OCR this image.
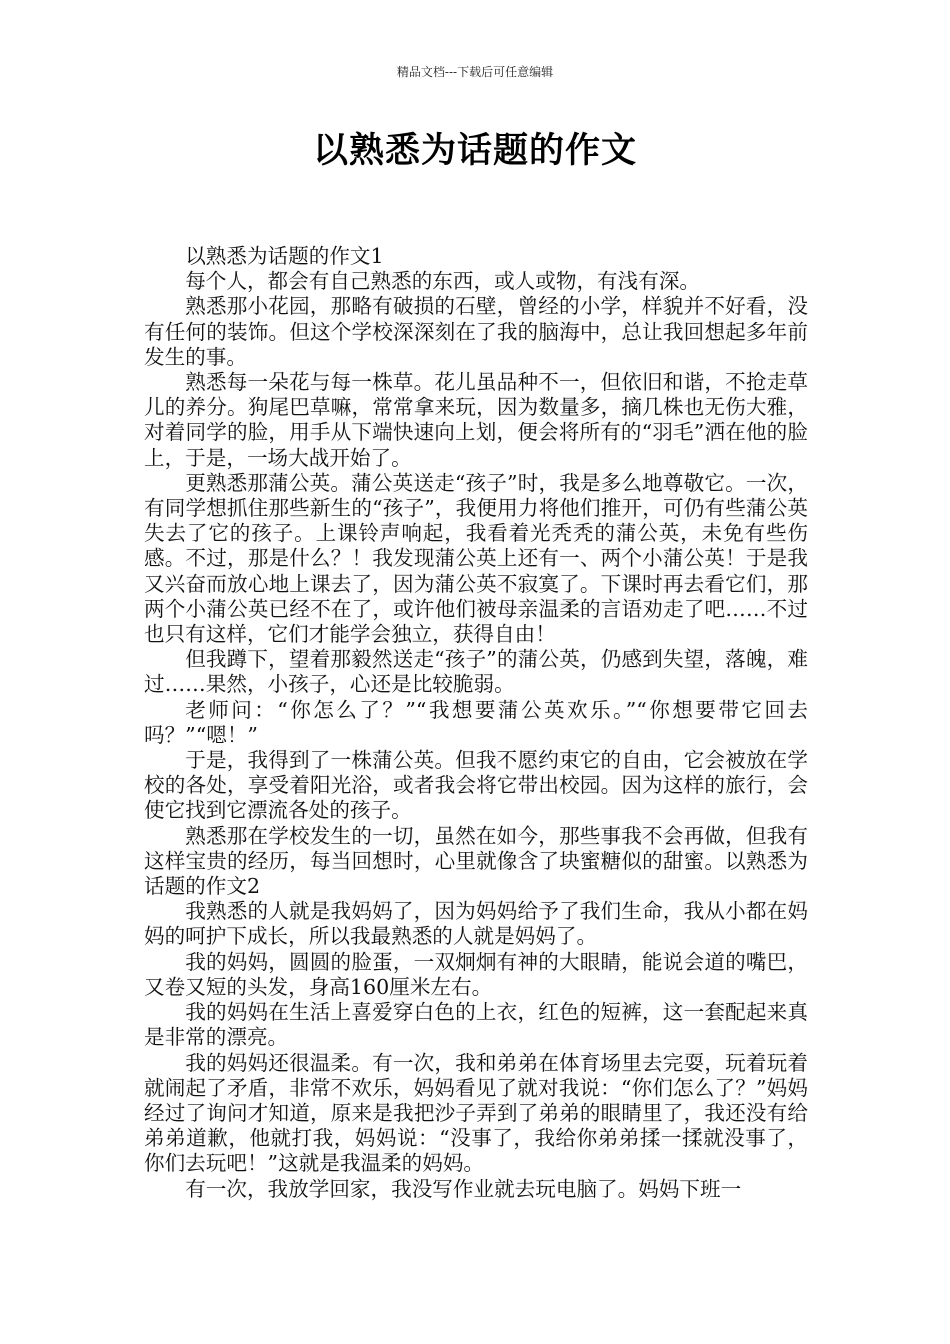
精品文档---下载后可任意编辑
以熟悉为话题的作文

以熟悉为话题的作文1

每个人，都会有自己熟悉的东西，或人或物，有浅有深。

熟悉那小花园，那略有破损的石壁，曾经的小学，样貌并不好看，没有任何的装饰。但这个学校深深刻在了我的脑海中，总让我回想起多年前发生的事。

熟悉每一朵花与每一株草。花儿虽品种不一，但依旧和谐，不抢走草儿的养分。狗尾巴草嘛，常常拿来玩，因为数量多，摘几株也无伤大雅，对着同学的脸，用手从下端快速向上划，便会将所有的“羽毛”洒在他的脸上，于是，一场大战开始了。

更熟悉那蒲公英。蒲公英送走“孩子”时，我是多么地尊敬它。一次，有同学想抓住那些新生的“孩子”，我便用力将他们推开，可仍有些蒲公英失去了它的孩子。上课铃声响起，我看着光秃秃的蒲公英，未免有些伤感。不过，那是什么？！我发现蒲公英上还有一、两个小蒲公英！于是我又兴奋而放心地上课去了，因为蒲公英不寂寞了。下课时再去看它们，那两个小蒲公英已经不在了，或许他们被母亲温柔的言语劝走了吧……不过也只有这样，它们才能学会独立，获得自由！

但我蹲下，望着那毅然送走“孩子”的蒲公英，仍感到失望，落魄，难过……果然，小孩子，心还是比较脆弱。

老师问：“你怎么了？”“我想要蒲公英欢乐。”“你想要带它回去吗？”“嗯！”

于是，我得到了一株蒲公英。但我不愿约束它的自由，它会被放在学校的各处，享受着阳光浴，或者我会将它带出校园。因为这样的旅行，会使它找到它漂流各处的孩子。

熟悉那在学校发生的一切，虽然在如今，那些事我不会再做，但我有这样宝贵的经历，每当回想时，心里就像含了块蜜糖似的甜蜜。以熟悉为话题的作文2

我熟悉的人就是我妈妈了，因为妈妈给予了我们生命，我从小都在妈妈的呵护下成长，所以我最熟悉的人就是妈妈了。

我的妈妈，圆圆的脸蛋，一双炯炯有神的大眼睛，能说会道的嘴巴，又卷又短的头发，身高160厘米左右。

我的妈妈在生活上喜爱穿白色的上衣，红色的短裤，这一套配起来真是非常的漂亮。

我的妈妈还很温柔。有一次，我和弟弟在体育场里去完耍，玩着玩着就闹起了矛盾，非常不欢乐，妈妈看见了就对我说：“你们怎么了？”妈妈经过了询问才知道，原来是我把沙子弄到了弟弟的眼睛里了，我还没有给弟弟道歉，他就打我，妈妈说：“没事了，我给你弟弟揉一揉就没事了，你们去玩吧！”这就是我温柔的妈妈。

有一次，我放学回家，我没写作业就去玩电脑了。妈妈下班一
